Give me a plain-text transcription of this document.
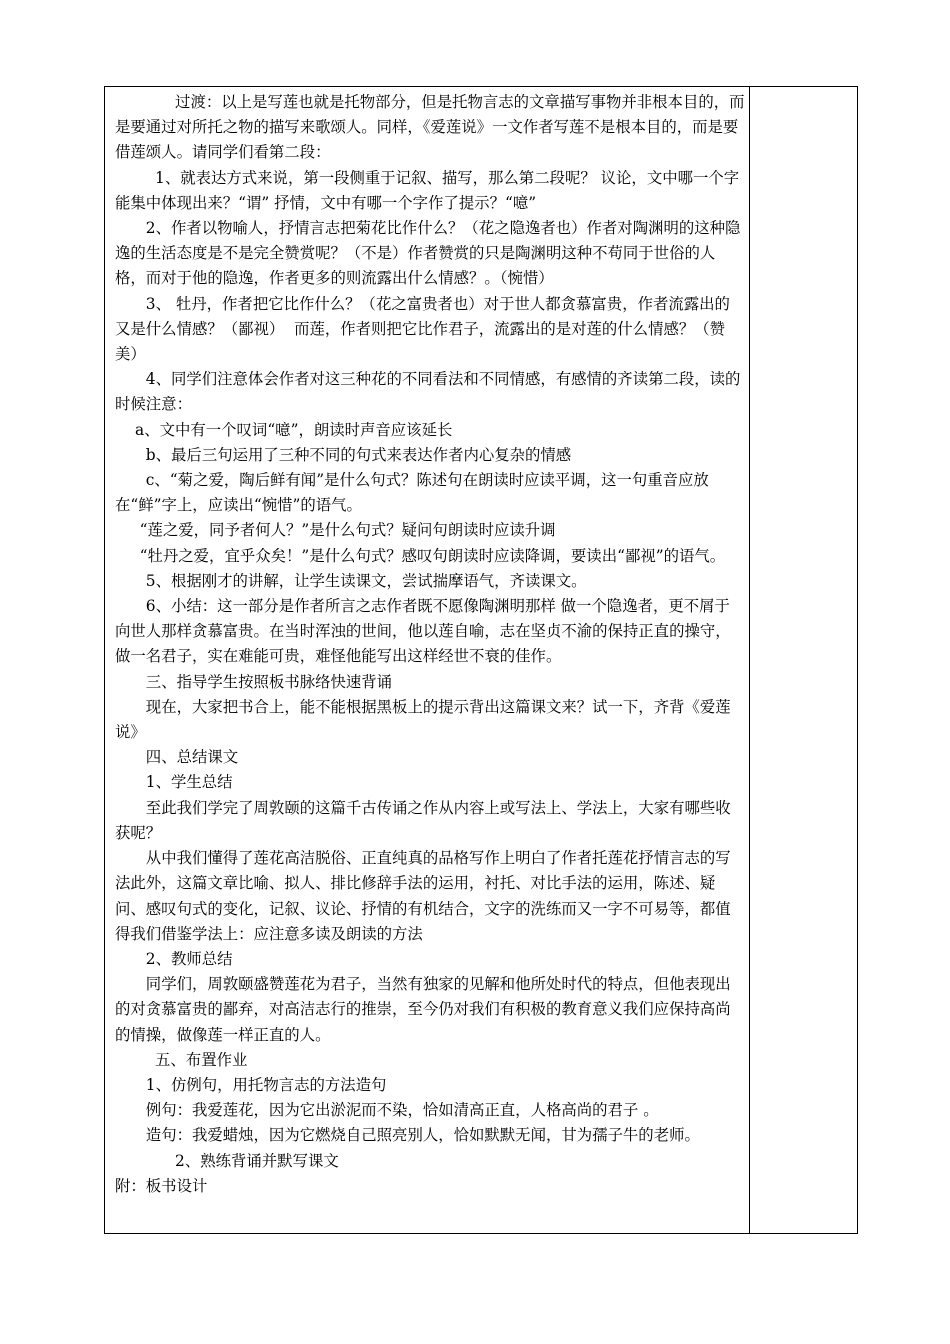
过渡：以上是写莲也就是托物部分，但是托物言志的文章描写事物并非根本目的，而是要通过对所托之物的描写来歌颂人。同样，《爱莲说》一文作者写莲不是根本目的，而是要借莲颂人。请同学们看第二段：

1、就表达方式来说，第一段侧重于记叙、描写，那么第二段呢？ 议论，文中哪一个字能集中体现出来？“谓” 抒情，文中有哪一个字作了提示？“噫”

2、作者以物喻人，抒情言志把菊花比作什么？（花之隐逸者也）作者对陶渊明的这种隐逸的生活态度是不是完全赞赏呢？（不是）作者赞赏的只是陶渊明这种不苟同于世俗的人格，而对于他的隐逸，作者更多的则流露出什么情感？。（惋惜）

3、 牡丹，作者把它比作什么？（花之富贵者也）对于世人都贪慕富贵，作者流露出的又是什么情感？（鄙视）  而莲，作者则把它比作君子，流露出的是对莲的什么情感？（赞美）

4、同学们注意体会作者对这三种花的不同看法和不同情感，有感情的齐读第二段，读的时候注意：

a、文中有一个叹词“噫”，朗读时声音应该延长

b、最后三句运用了三种不同的句式来表达作者内心复杂的情感

c、“菊之爱，陶后鲜有闻”是什么句式？陈述句在朗读时应读平调，这一句重音应放在“鲜”字上，应读出“惋惜”的语气。

“莲之爱，同予者何人？”是什么句式？疑问句朗读时应读升调

“牡丹之爱，宜乎众矣！”是什么句式？感叹句朗读时应读降调，要读出“鄙视”的语气。

5、根据刚才的讲解，让学生读课文，尝试揣摩语气，齐读课文。

6、小结：这一部分是作者所言之志作者既不愿像陶渊明那样 做一个隐逸者，更不屑于向世人那样贪慕富贵。在当时浑浊的世间，他以莲自喻，志在坚贞不渝的保持正直的操守，做一名君子，实在难能可贵，难怪他能写出这样经世不衰的佳作。

三、指导学生按照板书脉络快速背诵

现在，大家把书合上，能不能根据黑板上的提示背出这篇课文来？试一下，齐背《爱莲说》

四、总结课文

1、学生总结

至此我们学完了周敦颐的这篇千古传诵之作从内容上或写法上、学法上，大家有哪些收获呢？

从中我们懂得了莲花高洁脱俗、正直纯真的品格写作上明白了作者托莲花抒情言志的写法此外，这篇文章比喻、拟人、排比修辞手法的运用，衬托、对比手法的运用，陈述、疑问、感叹句式的变化，记叙、议论、抒情的有机结合，文字的洗练而又一字不可易等，都值得我们借鉴学法上：应注意多读及朗读的方法

2、教师总结

同学们，周敦颐盛赞莲花为君子，当然有独家的见解和他所处时代的特点，但他表现出的对贪慕富贵的鄙弃，对高洁志行的推崇，至今仍对我们有积极的教育意义我们应保持高尚的情操，做像莲一样正直的人。

五、布置作业

1、仿例句，用托物言志的方法造句

例句：我爱莲花，因为它出淤泥而不染，恰如清高正直，人格高尚的君子 。

造句：我爱蜡烛，因为它燃烧自己照亮别人，恰如默默无闻，甘为孺子牛的老师。

2、熟练背诵并默写课文

附：板书设计
